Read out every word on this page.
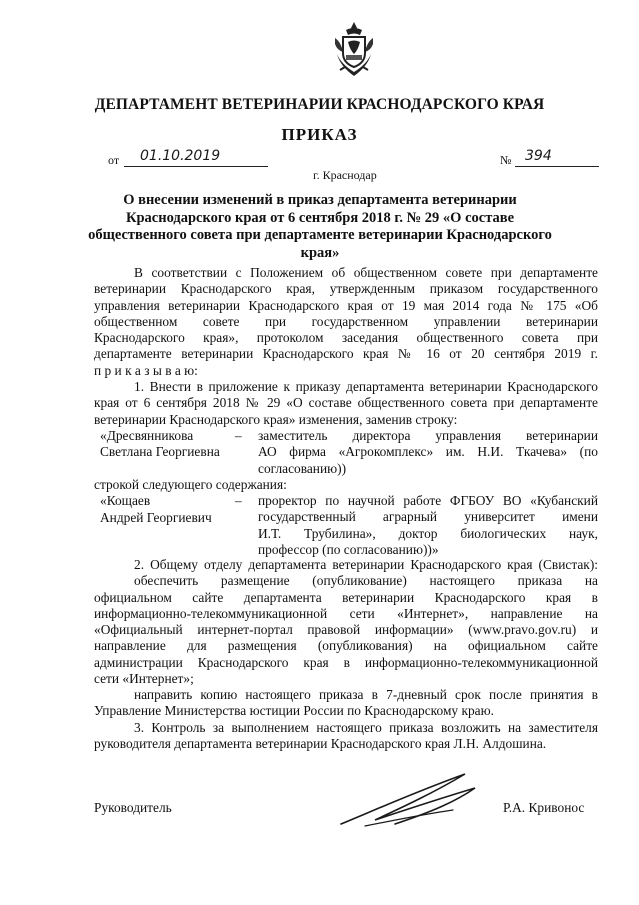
ДЕПАРТАМЕНТ ВЕТЕРИНАРИИ КРАСНОДАРСКОГО КРАЯ
ПРИКАЗ
от 01.10.2019	№ 394
г. Краснодар
О внесении изменений в приказ департамента ветеринарии Краснодарского края от 6 сентября 2018 г. № 29 «О составе общественного совета при департаменте ветеринарии Краснодарского края»

В соответствии с Положением об общественном совете при департаменте

ветеринарии Краснодарского края, утвержденным приказом государственного

управления ветеринарии Краснодарского края от 19 мая 2014 года № 175 «Об

общественном совете при государственном управлении ветеринарии

Краснодарского края», протоколом заседания общественного совета при

департаменте ветеринарии Краснодарского края № 16 от 20 сентября 2019 г.

п р и к а з ы в а ю:

1. Внести в приложение к приказу департамента ветеринарии Краснодарского

края от 6 сентября 2018 № 29 «О составе общественного совета при департаменте

ветеринарии Краснодарского края» изменения, заменив строку:

«Дресвянникова
Светлана Георгиевна
– заместитель директора управления ветеринарии

АО фирма «Агрокомплекс» им. Н.И. Ткачева» (по

согласованию))

строкой следующего содержания:
«Кощаев
Андрей Георгиевич
– проректор по научной работе ФГБОУ ВО «Кубанский

государственный аграрный университет имени

И.Т. Трубилина», доктор биологических наук,

профессор (по согласованию))»

2. Общему отделу департамента ветеринарии Краснодарского края (Свистак):

обеспечить размещение (опубликование) настоящего приказа на

официальном сайте департамента ветеринарии Краснодарского края в

информационно-телекоммуникационной сети «Интернет», направление на

«Официальный интернет-портал правовой информации» (www.pravo.gov.ru) и

направление для размещения (опубликования) на официальном сайте

администрации Краснодарского края в информационно-телекоммуникационной

сети «Интернет»;

направить копию настоящего приказа в 7-дневный срок после принятия в

Управление Министерства юстиции России по Краснодарскому краю.

3. Контроль за выполнением настоящего приказа возложить на заместителя

руководителя департамента ветеринарии Краснодарского края Л.Н. Алдошина.

Руководитель	Р.А. Кривонос
